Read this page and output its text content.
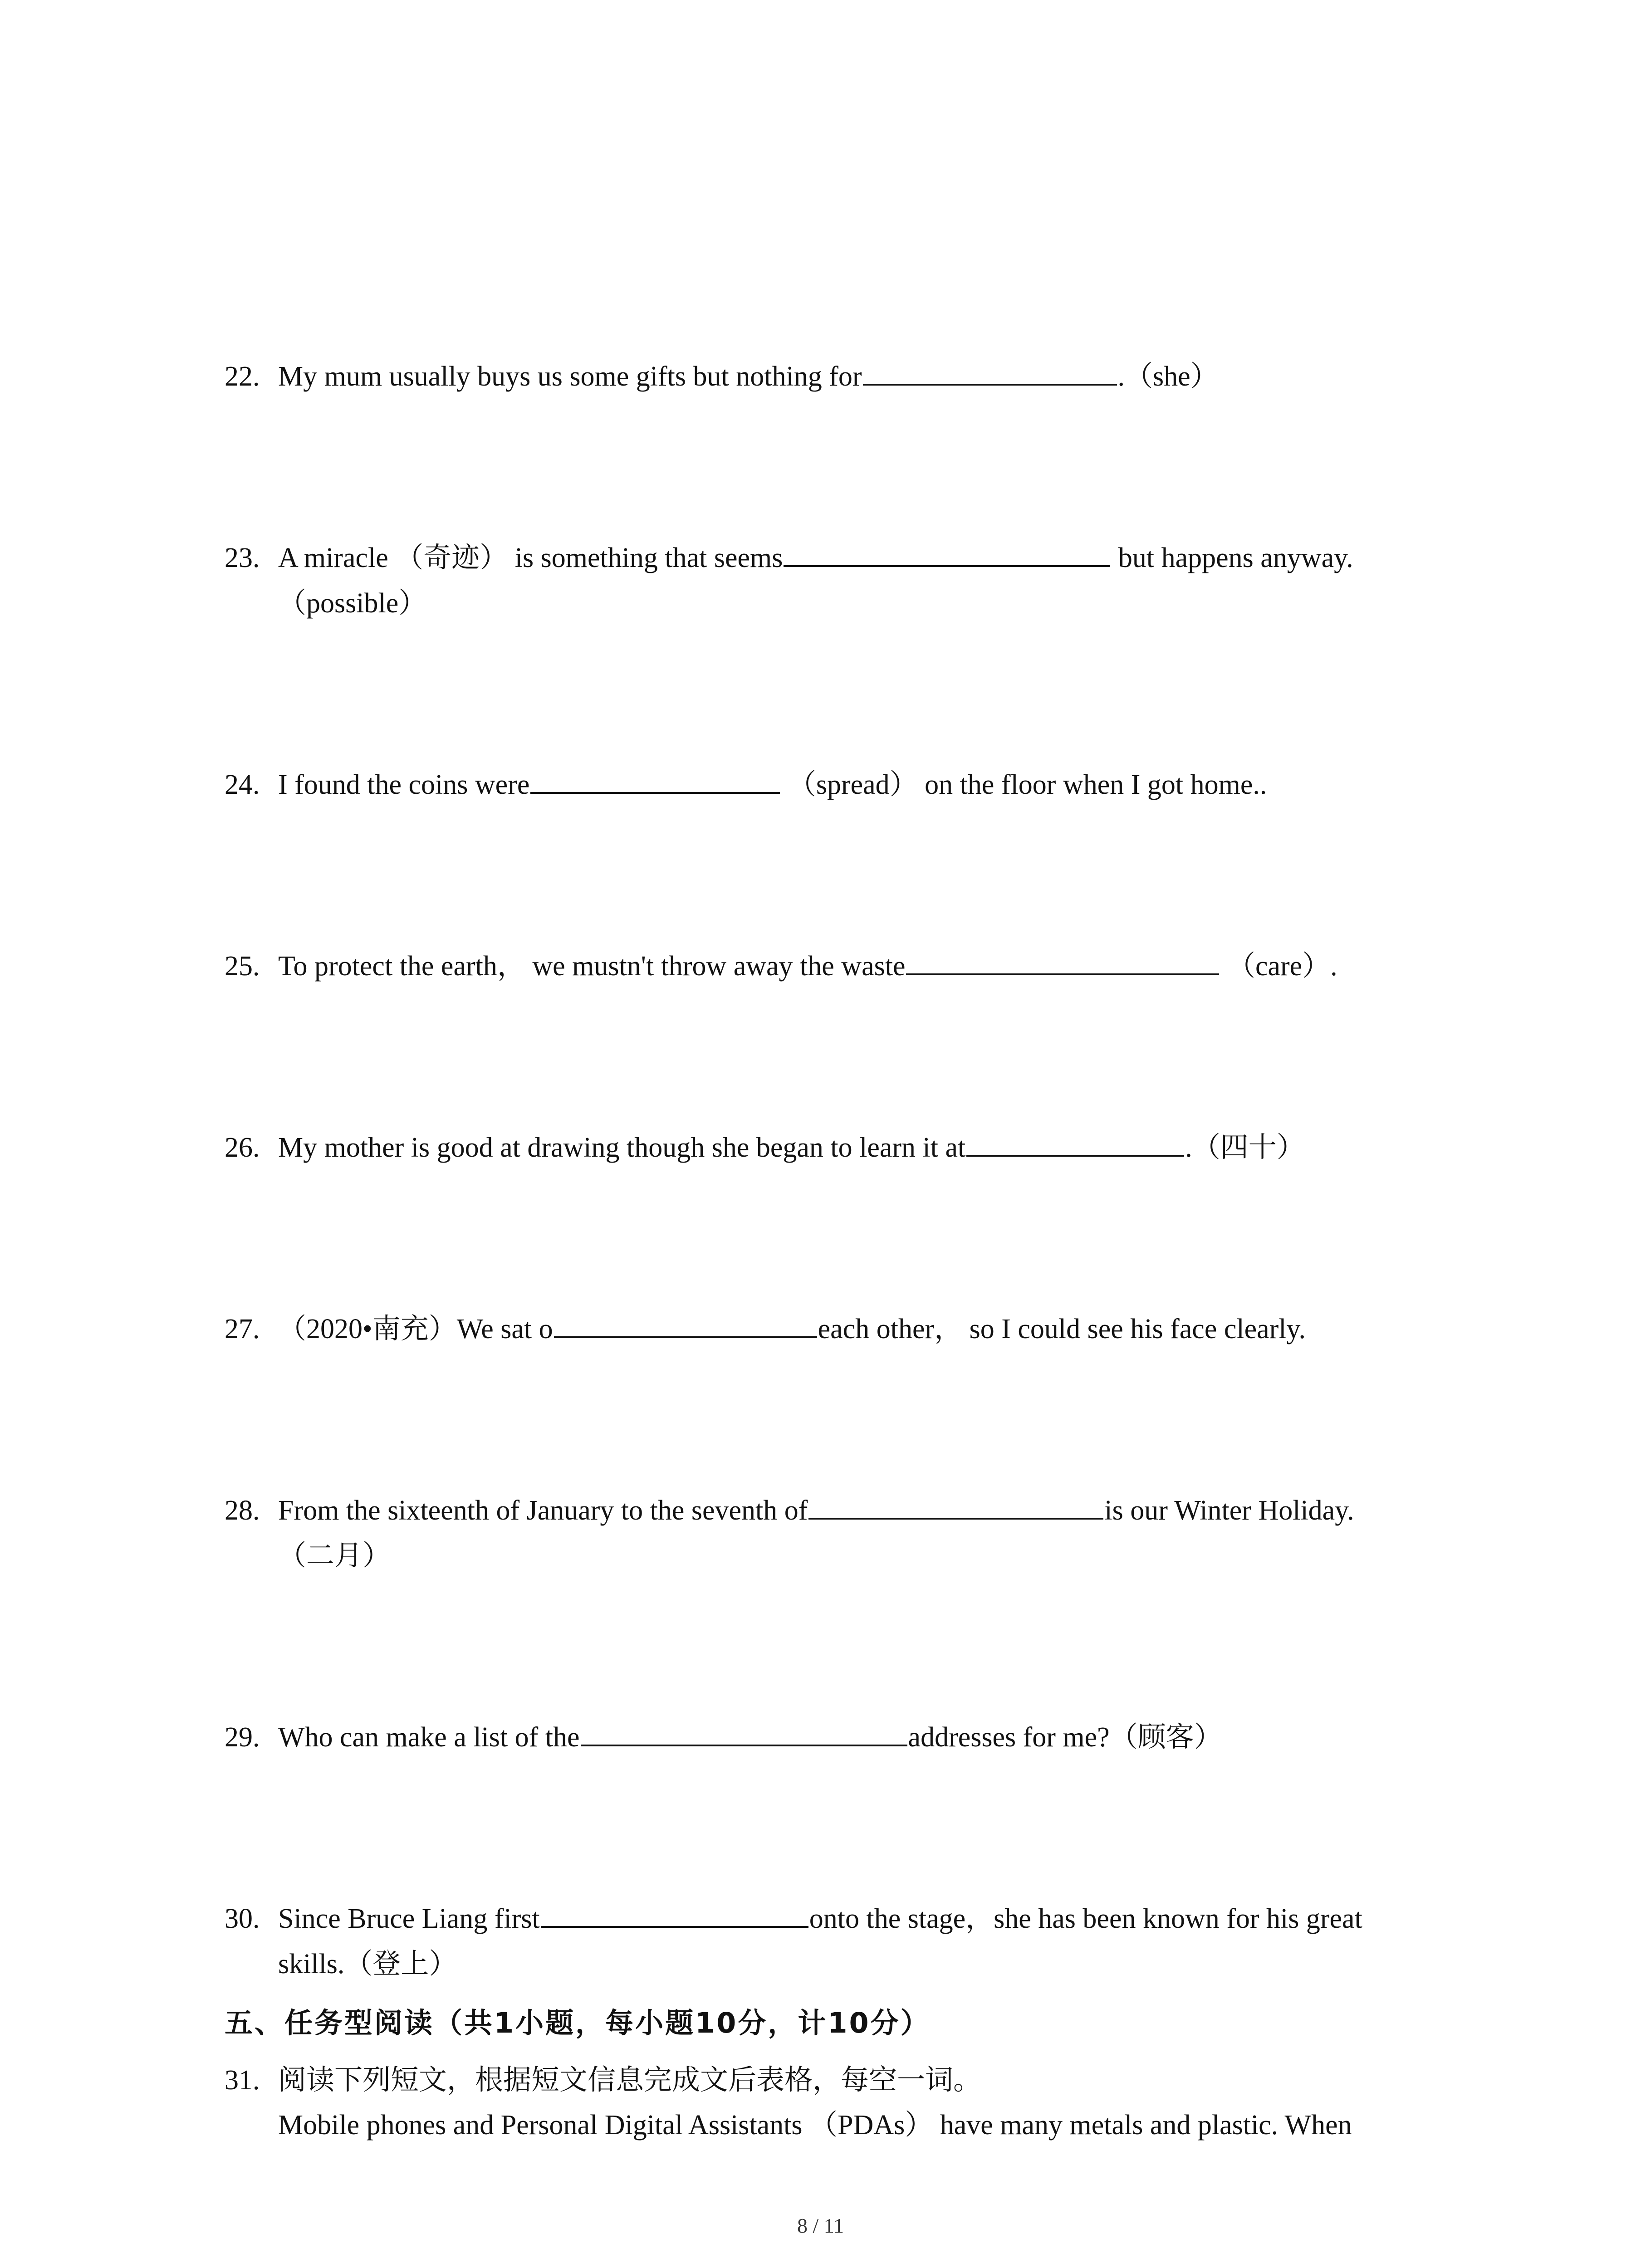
22. My mum usually buys us some gifts but nothing for	.（she）
23. A miracle （奇迹） is something that seems	but happens anyway.
（possible）
24. I found the coins were	（spread） on the floor when I got home..
25. To protect the earth， we mustn't throw away the waste	（care）.
26. My mother is good at drawing though she began to learn it at	.（四十）
27. （2020•南充）We sat o	each other， so I could see his face clearly.
28. From the sixteenth of January to the seventh of	is our Winter Holiday.
（二月）
29. Who can make a list of the	addresses for me?（顾客）
30. Since Bruce Liang first	onto the stage，she has been known for his great
skills.（登上）
五、任务型阅读（共1小题，每小题10分，计10分）
31. 阅读下列短文，根据短文信息完成文后表格，每空一词。
Mobile phones and Personal Digital Assistants （PDAs） have many metals and plastic. When
8 / 11
